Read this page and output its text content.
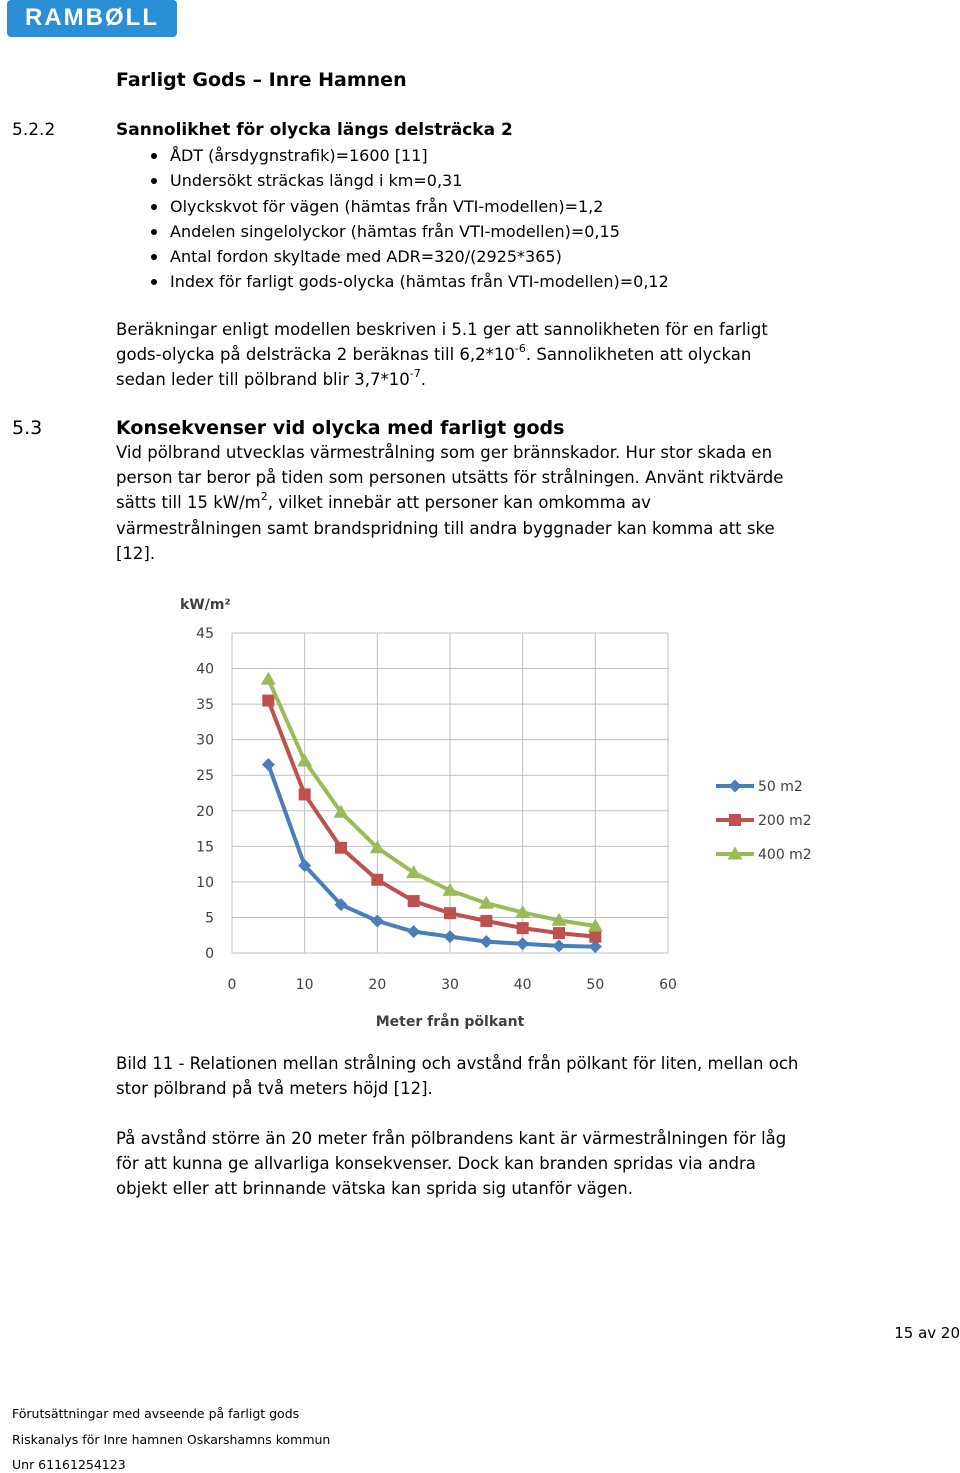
RAMBØLL
Farligt Gods – Inre Hamnen
5.2.2	Sannolikhet för olycka längs delsträcka 2
ÅDT (årsdygnstrafik)=1600 [11]
Undersökt sträckas längd i km=0,31
Olyckskvot för vägen (hämtas från VTI-modellen)=1,2
Andelen singelolyckor (hämtas från VTI-modellen)=0,15
Antal fordon skyltade med ADR=320/(2925*365)
Index för farligt gods-olycka (hämtas från VTI-modellen)=0,12
Beräkningar enligt modellen beskriven i 5.1 ger att sannolikheten för en farligt
gods-olycka på delsträcka 2 beräknas till $6,2*10^{-6}$. Sannolikheten att olyckan
sedan leder till pölbrand blir $3,7*10^{-7}$.
5.3	Konsekvenser vid olycka med farligt gods
Vid pölbrand utvecklas värmestrålning som ger brännskador. Hur stor skada en
person tar beror på tiden som personen utsätts för strålningen. Använt riktvärde
sätts till 15 $kW/m^2$, vilket innebär att personer kan omkomma av
värmestrålningen samt brandspridning till andra byggnader kan komma att ske
[12].
0
5
10
15
20
25
30
35
40
45
0	10	20	30	40	50	60
kW/m²
Meter från pölkant
50 m2
200 m2
400 m2
Bild 11 - Relationen mellan strålning och avstånd från pölkant för liten, mellan och
stor pölbrand på två meters höjd [12].
På avstånd större än 20 meter från pölbrandens kant är värmestrålningen för låg
för att kunna ge allvarliga konsekvenser. Dock kan branden spridas via andra
objekt eller att brinnande vätska kan sprida sig utanför vägen.
15 av 20
Förutsättningar med avseende på farligt gods
Riskanalys för Inre hamnen Oskarshamns kommun
Unr 61161254123
